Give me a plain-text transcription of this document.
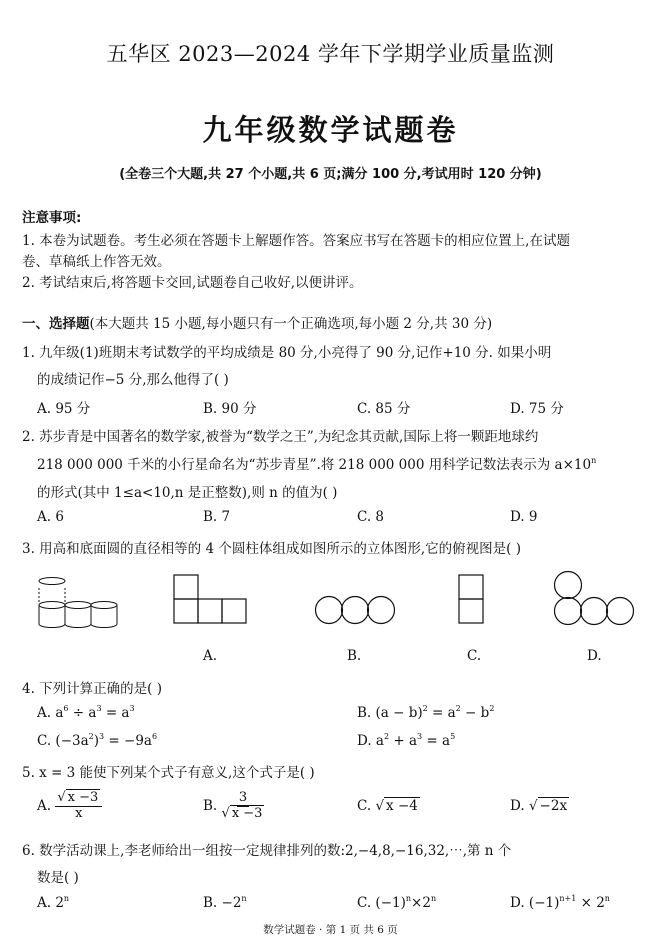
五华区 2023—2024 学年下学期学业质量监测
九年级数学试题卷
(全卷三个大题,共 27 个小题,共 6 页;满分 100 分,考试用时 120 分钟)
注意事项:
1. 本卷为试题卷。考生必须在答题卡上解题作答。答案应书写在答题卡的相应位置上,在试题
卷、草稿纸上作答无效。
2. 考试结束后,将答题卡交回,试题卷自己收好,以便讲评。
一、选择题(本大题共 15 小题,每小题只有一个正确选项,每小题 2 分,共 30 分)
1. 九年级(1)班期末考试数学的平均成绩是 80 分,小亮得了 90 分,记作+10 分. 如果小明
的成绩记作−5 分,那么他得了( )
A. 95 分	B. 90 分	C. 85 分	D. 75 分
2. 苏步青是中国著名的数学家,被誉为“数学之王”,为纪念其贡献,国际上将一颗距地球约
218 000 000 千米的小行星命名为“苏步青星”.将 218 000 000 用科学记数法表示为 $a\times 10^n$
的形式(其中 1≤a<10,n 是正整数),则 n 的值为( )
A. 6	B. 7	C. 8	D. 9
3. 用高和底面圆的直径相等的 4 个圆柱体组成如图所示的立体图形,它的俯视图是( )
A.	B.	C.	D.
4. 下列计算正确的是( )
A. $a^6 \div a^3 = a^3$	B. $(a - b)^2 = a^2 - b^2$
C. $(-3a^2)^3 = -9a^6$	D. $a^2 + a^3 = a^5$
5. x = 3 能使下列某个式子有意义,这个式子是( )
A. $\frac{√ x -3}{x}$	B. $\frac{3}{√ x -3}$	C. √ x −4	D. √ −2x
6. 数学活动课上,李老师给出一组按一定规律排列的数:2,−4,8,−16,32,⋯,第 n 个
数是( )
A. 2$^n$	B. $-2^n$	C. $(-1)^n\times 2^n$	D. $(-1)^{n+1} \times 2^n$
数学试题卷 · 第 1 页 共 6 页
